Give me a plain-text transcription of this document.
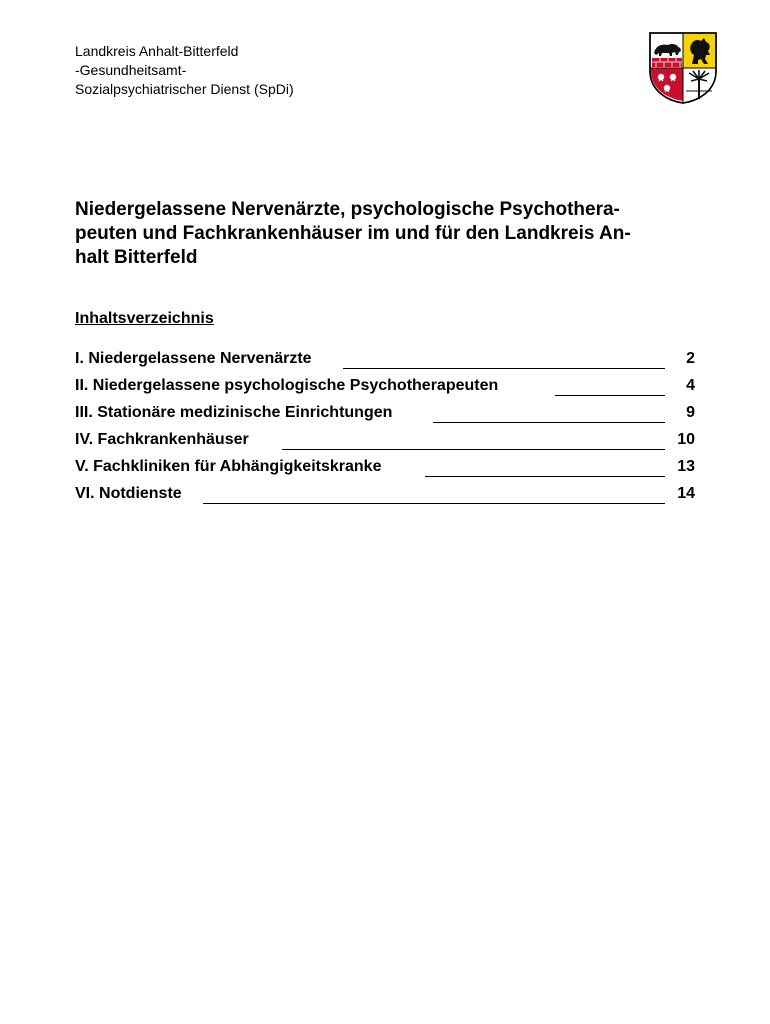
Landkreis Anhalt-Bitterfeld
-Gesundheitsamt-
Sozialpsychiatrischer Dienst (SpDi)
Niedergelassene Nervenärzte, psychologische Psychothera-
peuten und Fachkrankenhäuser im und für den Landkreis An-
halt Bitterfeld
Inhaltsverzeichnis
I. Niedergelassene Nervenärzte	2
II. Niedergelassene psychologische Psychotherapeuten	4
III. Stationäre medizinische Einrichtungen	9
IV. Fachkrankenhäuser	10
V. Fachkliniken für Abhängigkeitskranke	13
VI. Notdienste	14
